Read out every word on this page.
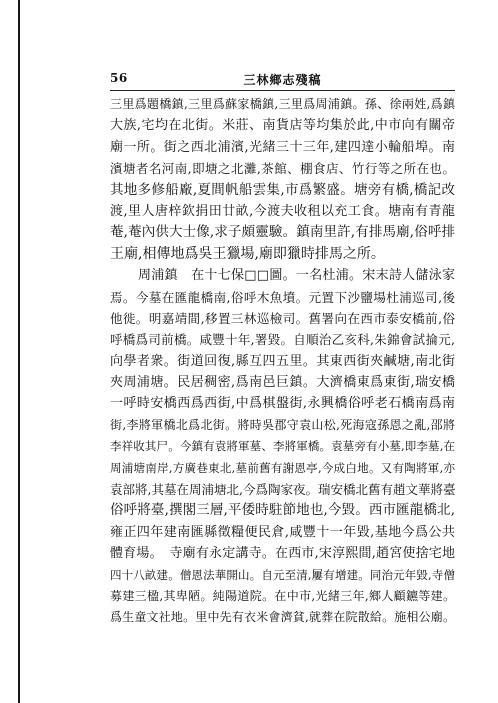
56	三林鄉志殘稿
三里爲題橋鎮,三里爲蘇家橋鎮,三里爲周浦鎮。孫、徐兩姓,爲鎮
大族,宅均在北街。米莊、南貨店等均集於此,中市向有關帝
廟一所。街之西北浦濱,光緒三十三年,建四達小輪船埠。南
濱塘者名河南,即塘之北灘,茶館、棚食店、竹行等之所在也。
其地多修船廠,夏間帆船雲集,市爲繁盛。塘旁有橋,橋記改
渡,里人唐梓欽捐田廿畝,今渡夫收租以充工食。塘南有青龍
菴,菴內供大士像,求子頗靈驗。鎮南里許,有排馬廟,俗呼排
王廟,相傳地爲吳王獵場,廟即獵時排馬之所。
周浦鎮　在十七保□□圖。一名杜浦。宋末詩人儲泳家
焉。今墓在匯龍橋南,俗呼木魚墳。元置下沙鹽場杜浦巡司,後
他徙。明嘉靖間,移置三林巡檢司。舊署向在西市泰安橋前,俗
呼橋爲司前橋。咸豐十年,署毀。自順治乙亥科,朱錦會試掄元,
向學者衆。街道回復,縣互四五里。其東西街夾鹹塘,南北街
夾周浦塘。民居稠密,爲南邑巨鎮。大濟橋東爲東街,瑞安橋
一呼時安橋西爲西街,中爲棋盤街,永興橋俗呼老石橋南爲南
街,李將軍橋北爲北街。將時吳郡守袁山松,死海寇孫恩之亂,邵將
李祥收其尸。今鎮有袁將軍墓、李將軍橋。袁墓旁有小墓,即李墓,在
周浦塘南岸,方廣巷東北,墓前舊有謝恩亭,今成白地。又有陶將軍,亦
袁部將,其墓在周浦塘北,今爲陶家夜。瑞安橋北舊有趙文華將臺
俗呼將臺,撰閣三層,平倭時駐節地也,今毀。西市匯龍橋北,
雍正四年建南匯縣徵糧便民倉,咸豐十一年毀,基地今爲公共
體育場。　寺廟有永定講寺。在西市,宋淳熙間,趙宮使捨宅地
四十八畝建。僧恩法華開山。自元至清,屢有增建。同治元年毀,寺僧
募建三楹,其卑陋。純陽道院。在中市,光緒三年,鄉人顧鑣等建。
爲生童文社地。里中先有衣米會濟貧,就葬在院散給。施相公廟。
